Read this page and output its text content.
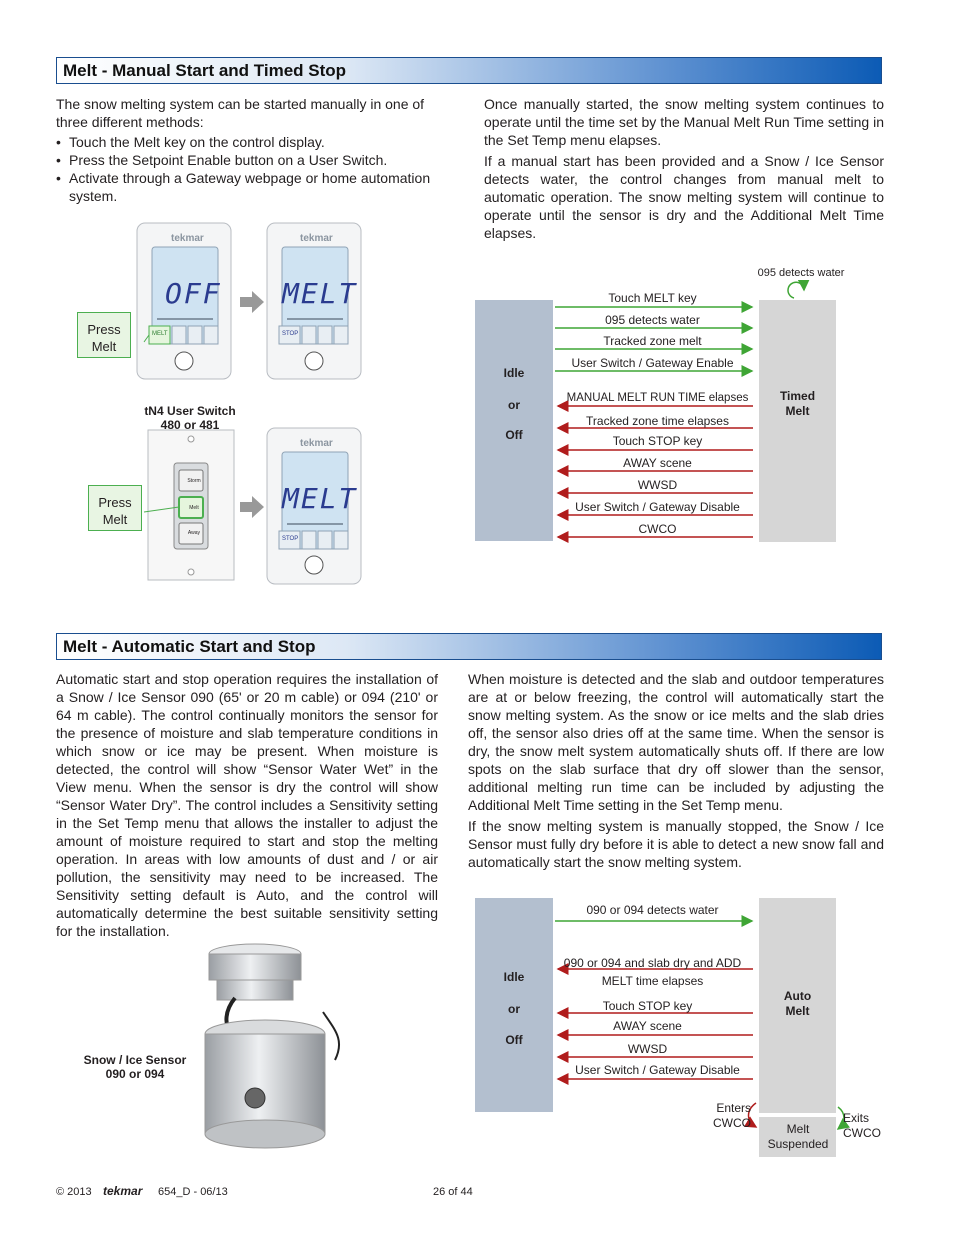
Melt - Manual Start and Timed Stop

The snow melting system can be started manually in one of three different methods:

• Touch the Melt key on the control display.
• Press the Setpoint Enable button on a User Switch.
• Activate through a Gateway webpage or home automation system.

Once manually started, the snow melting system continues to operate until the time set by the Manual Melt Run Time setting in the Set Temp menu elapses.

If a manual start has been provided and a Snow / Ice Sensor detects water, the control changes from manual melt to automatic operation. The snow melting system will continue to operate until the sensor is dry and the Additional Melt Time elapses.

tekmar	tekmar
tekmar
OFF MELT
MELT
MELT	STOP
STOP
Storm
Melt
Away
Press Melt
Press Melt
tN4 User Switch 480 or 481
Idle
or
Off
Timed
Melt
095 detects water
Touch MELT key
095 detects water
Tracked zone melt
User Switch / Gateway Enable
MANUAL MELT RUN TIME elapses
Tracked zone time elapses
Touch STOP key
AWAY scene
WWSD
User Switch / Gateway Disable
CWCO
Melt - Automatic Start and Stop

Automatic start and stop operation requires the installation of a Snow / Ice Sensor 090 (65' or 20 m cable) or 094 (210' or 64 m cable). The control continually monitors the sensor for the presence of moisture and slab temperature conditions in which snow or ice may be present. When moisture is detected, the control will show “Sensor Water Wet” in the View menu. When the sensor is dry the control will show “Sensor Water Dry”. The control includes a Sensitivity setting in the Set Temp menu that allows the installer to adjust the amount of moisture required to start and stop the melting operation. In areas with low amounts of dust and / or air pollution, the sensitivity may need to be increased. The Sensitivity setting default is Auto, and the control will automatically determine the best suitable sensitivity setting for the installation.

When moisture is detected and the slab and outdoor temperatures are at or below freezing, the control will automatically start the snow melting system. As the snow or ice melts and the slab dries off, the sensor also dries off at the same time. When the sensor is dry, the snow melt system automatically shuts off. If there are low spots on the slab surface that dry off slower than the sensor, additional melting run time can be included by adjusting the Additional Melt Time setting in the Set Temp menu.

If the snow melting system is manually stopped, the Snow / Ice Sensor must fully dry before it is able to detect a new snow fall and automatically start the snow melting system.

Snow / Ice Sensor 090 or 094
Idle
or
Off
Auto
Melt
Melt Suspended
090 or 094 detects water
090 or 094 and slab dry and ADD MELT time elapses
Touch STOP key
AWAY scene
WWSD
User Switch / Gateway Disable
Enters CWCO	Exits CWCO
© 2013 tekmar 654_D - 06/13	26 of 44
